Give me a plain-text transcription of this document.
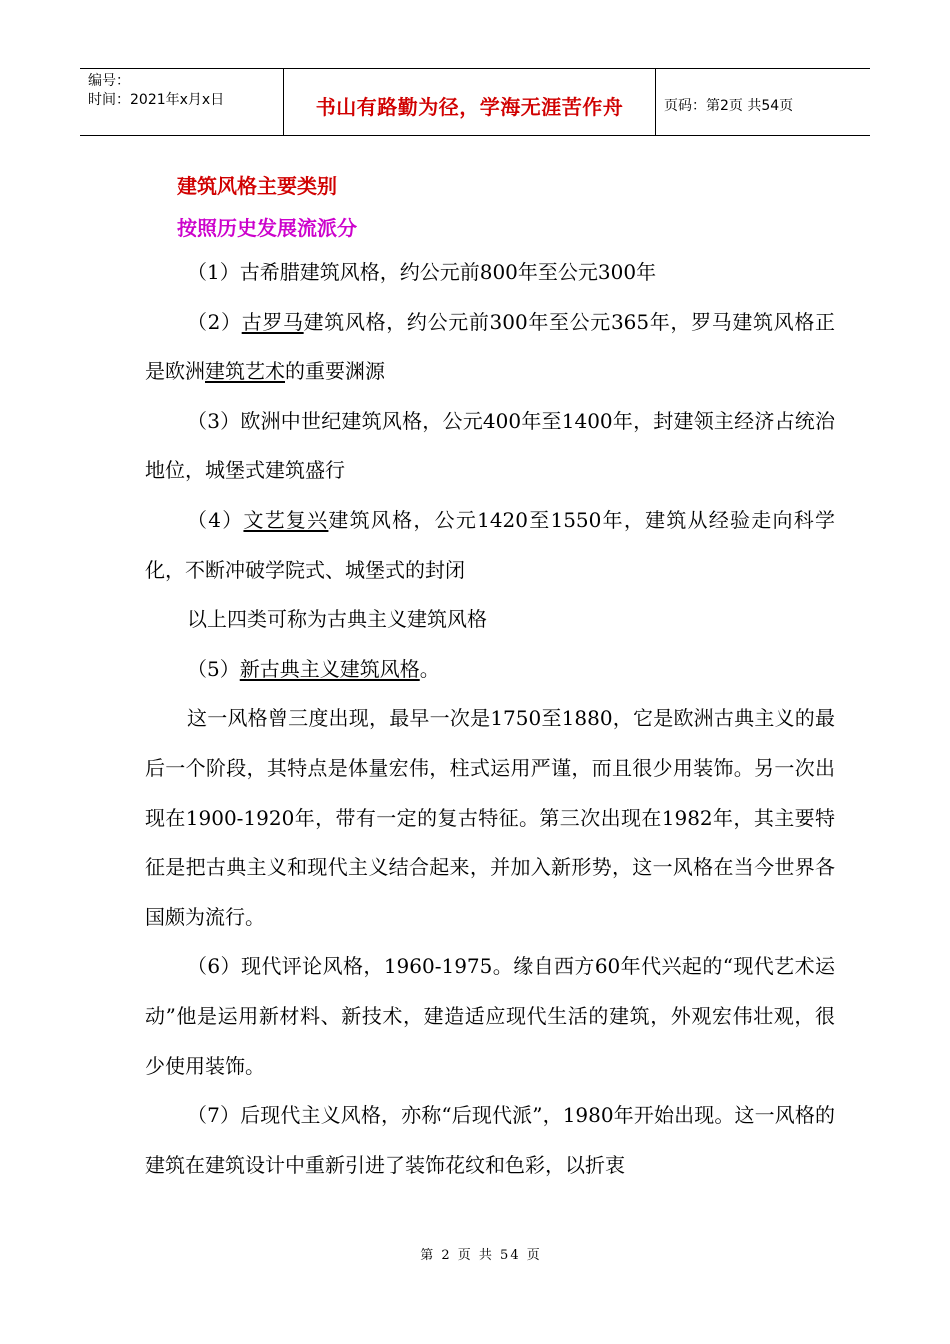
编号：
时间：2021年x月x日	书山有路勤为径，学海无涯苦作舟	页码：第2页 共54页
建筑风格主要类别
按照历史发展流派分

（1）古希腊建筑风格，约公元前800年至公元300年

（2）古罗马建筑风格，约公元前300年至公元365年，罗马建筑风格正是欧洲建筑艺术的重要渊源

（3）欧洲中世纪建筑风格，公元400年至1400年，封建领主经济占统治地位，城堡式建筑盛行

（4）文艺复兴建筑风格，公元1420至1550年，建筑从经验走向科学化，不断冲破学院式、城堡式的封闭

以上四类可称为古典主义建筑风格

（5）新古典主义建筑风格。

这一风格曾三度出现，最早一次是1750至1880，它是欧洲古典主义的最后一个阶段，其特点是体量宏伟，柱式运用严谨，而且很少用装饰。另一次出现在1900-1920年，带有一定的复古特征。第三次出现在1982年，其主要特征是把古典主义和现代主义结合起来，并加入新形势，这一风格在当今世界各国颇为流行。

（6）现代评论风格，1960-1975。缘自西方60年代兴起的“现代艺术运动”他是运用新材料、新技术，建造适应现代生活的建筑，外观宏伟壮观，很少使用装饰。

（7）后现代主义风格，亦称“后现代派”，1980年开始出现。这一风格的建筑在建筑设计中重新引进了装饰花纹和色彩，以折衷

第 2 页 共 54 页
